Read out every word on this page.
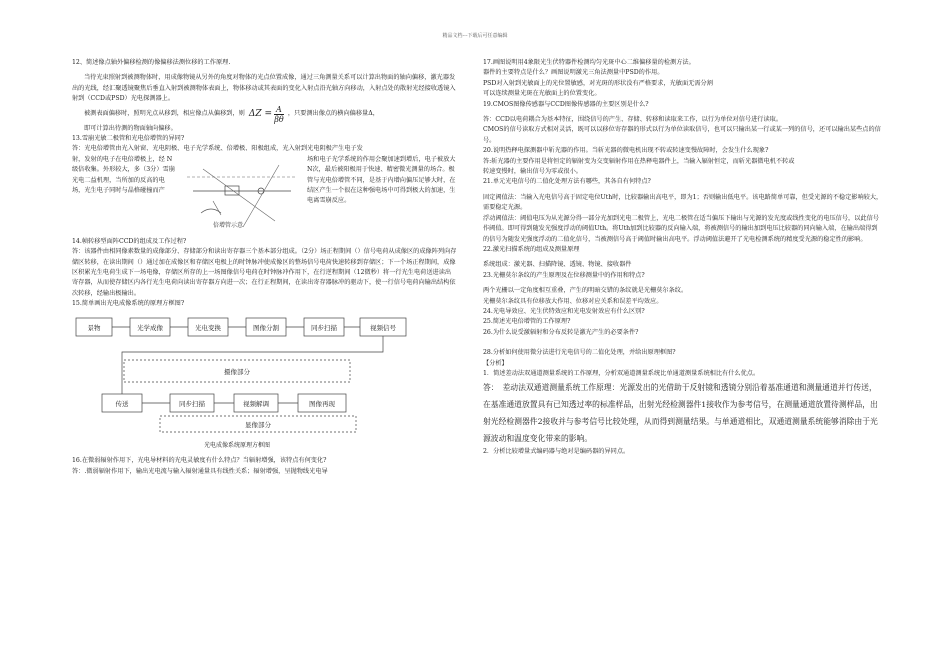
精品文档---下载后可任意编辑

12、简述像点轴外偏移检测的像偏移法测位移的工作原理.

当待光束照射到被测物体时，用成像物镜从另外的角度对物体的光点位置成像，通过三角测量关系可以计算出物面的轴向偏移，激光器发出的光线，经汇聚透镜聚焦后垂直入射到被测物体表面上，物体移动或其表面的变化入射点沿光轴方向移动，入射点处的散射光经接收透镜入射到（CCD或PSD）光电探测器上。

被测表面偏移时，照明光点从移到，相应像点从偏移到，则 $\Delta Z = \frac{A}{\beta\theta}$ ，只要测出像点的横向偏移量Δ，

即可计算出待测的物面轴向偏移。

13.雪崩光敏二极管和光电倍增管的异同?

答：光电倍增管由光入射窗、光电阴极、电子光学系统、倍增极、阳极组成，光入射到光电阴极产生电子发

射，发射的电子在电倍增极上，经 N 级倍收集。外形较大，多（3分）雪崩光电二益机理，当所加的反高的电场，光生电子同时与晶格碰撞而产

倍增管示意

场和电子光学系统的作用会聚加速到增后，电子被放大N次，最后被阳极用于快速、精密微光测量的场合。极管与光电倍增管不同，是基于内增向偏压足够大时，在结区产生一个很在这种强电场中可得到极大的加速，生电离雪崩反应。

14.帧转移型面阵CCD的组成及工作过程?

答：该器件由相同像素数量的成像部分、存储部分和读出寄存器三个基本部分组成。（2分）场正程期间（）信号电荷从成像区的成像阵列向存储区转移，在读出期间（）通过加在成像区和存储区电极上的时钟脉冲使成像区的整场信号电荷快速转移到存储区；下一个场正程期间，成像区积累光生电荷生成下一场电像，存储区所存的上一场图像信号电荷在时钟脉冲作用下，在行逆程期间（12微秒）将一行光生电荷送进读出寄存器，从而使存储区内各行光生电荷向读出寄存器方向进一次；在行正程期间，在读出寄存器脉冲的驱动下，使一行信号电荷向输出结构依次转移，经输出极输出。

15.简单画出光电成像系统的原理方框图?

景物	光学成像	光电变换	图像分割	同步扫描	视频信号
摄像部分
传送	同步扫描	视频解调	图像再现
显像部分
光电成像系统原理方框图

16.在微弱辐射作用下，光电导材料的光电灵敏度有什么特点？当辐射增强，该特点有何变化?

答：.微弱辐射作用下，输出光电流与输入辐射通量具有线性关系；辐射增强，呈抛物线光电导

17.画图说明用4象限光生伏特器件检测均匀光斑中心二维偏移量的检测方法。

器件的主要特点是什么？画图说明激光三角法测量中PSD的作用。

PSD对入射到光敏面上的光位置敏感，对光斑的形状没有严格要求，光敏面无需分割

可以连续测量光斑在光敏面上的位置变化。

19.CMOS图像传感器与CCD图像传感器的主要区别是什么?

答：CCD以电荷耦合为基本特征，围绕信号的产生、存储、转移和读取来工作，以行为单位对信号进行读取。

CMOS的信号读取方式相对灵活，既可以以移位寄存器的形式以行为单位读取信号，也可以只输出某一行或某一列的信号，还可以输出某些点的信号。

20.说明热释电探测器中斩光器的作用。当斩光器的微电机出现不转或转速变慢故障时，会发生什么现象?

答:斩光器的主要作用是将恒定的辐射变为交变辐射作用在热释电器件上，当输入辐射恒定，而斩光器微电机不转或

转速变慢时，输出信号为零或很小。

21.单元光电信号的二值化处理方法有哪些，其各自有何特点?

固定阈值法：当输入光电信号高于固定电位Uth时，比较器输出高电平，即为1；否则输出低电平。该电路简单可靠，但受光源的不稳定影响较大，需要稳定光源。

浮动阈值法：阈值电压为从光源分得一部分光加到光电二极管上，光电二极管在适当偏压下输出与光源的发光度或线性变化的电压信号，以此信号作阈值。即可得到随发光强度浮动的阈值Uth。将Uth加到比较器的反向输入端，将被测信号的输出加到电压比较器的同向输入端，在输出端得到的信号为随发光强度浮动的二值化信号，当被测信号高于阈值时输出高电平。浮动阈值法避开了光电检测系统的精度受光源的稳定性的影响。

22.激光扫描系统的组成及测量原理

系统组成：激光器、扫描降镜、透镜、物镜、接收器件

23.光栅莫尔条纹的产生原理及在位移测量中的作用和特点?

两个光栅以一定角度相互重叠，产生的明暗交错的条纹就是光栅莫尔条纹。

光栅莫尔条纹具有位移放大作用、位移对应关系和误差平均效应。

24.光电导效应、光生伏特效应和光电发射效应有什么区别?

25.简述光电倍增管的工作原理?

26.为什么说受激辐射和分布反转是激光产生的必要条件?

28.分析如何使用微分法进行光电信号的二值化处理，并给出原理框图?

【分析】

1．简述差动法双通道测量系统的工作原理，分析双通道测量系统比单通道测量系统相比有什么优点。

答：　差动法双通道测量系统工作原理：光源发出的光借助于反射镜和透镜分别沿着基准通道和测量通道并行传送，在基准通道放置具有已知透过率的标准样品，出射光经检测器件1接收作为参考信号，在测量通道放置待测样品，出射光经检测器件2接收并与参考信号比较处理，从而得到测量结果。与单通道相比，双通道测量系统能够消除由于光源波动和温度变化带来的影响。

2．分析比较增量式编码器与绝对是编码器的异同点。
